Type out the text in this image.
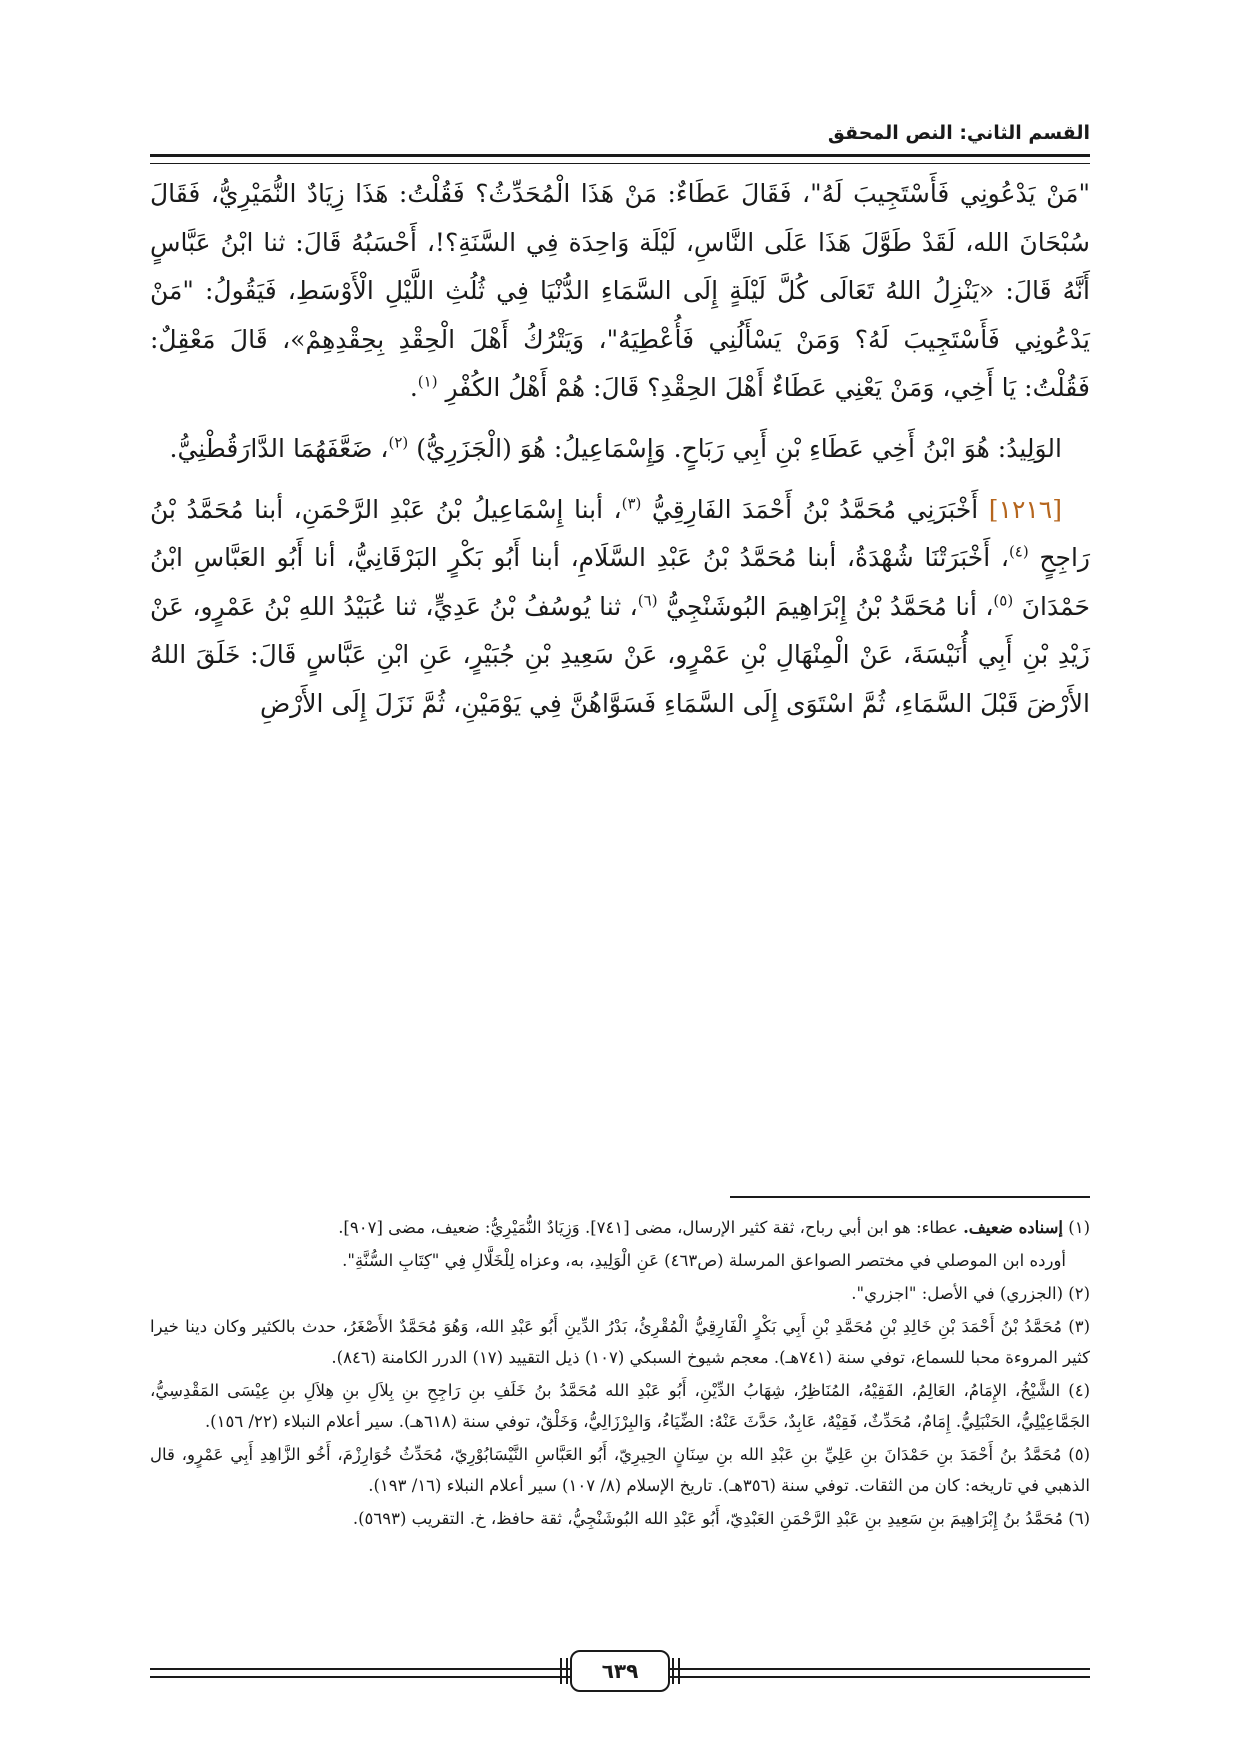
القسم الثاني: النص المحقق

"مَنْ يَدْعُونِي فَأَسْتَجِيبَ لَهُ"، فَقَالَ عَطَاءٌ: مَنْ هَذَا الْمُحَدِّثُ؟ فَقُلْتُ: هَذَا زِيَادٌ النُّمَيْرِيُّ، فَقَالَ سُبْحَانَ الله، لَقَدْ طَوَّلَ هَذَا عَلَى النَّاسِ، لَيْلَة وَاحِدَة فِي السَّنَةِ؟!، أَحْسَبُهُ قَالَ: ثنا ابْنُ عَبَّاسٍ أَنَّهُ قَالَ: «يَنْزِلُ اللهُ تَعَالَى كُلَّ لَيْلَةٍ إِلَى السَّمَاءِ الدُّنْيَا فِي ثُلُثِ اللَّيْلِ الْأَوْسَطِ، فَيَقُولُ: "مَنْ يَدْعُونِي فَأَسْتَجِيبَ لَهُ؟ وَمَنْ يَسْأَلُنِي فَأُعْطِيَهُ"، وَيَتْرُكُ أَهْلَ الْحِقْدِ بِحِقْدِهِمْ»، قَالَ مَعْقِلٌ: فَقُلْتُ: يَا أَخِي، وَمَنْ يَعْنِي عَطَاءٌ أَهْلَ الحِقْدِ؟ قَالَ: هُمْ أَهْلُ الكُفْرِ $^{(١)}$.

الوَلِيدُ: هُوَ ابْنُ أَخِي عَطَاءِ بْنِ أَبِي رَبَاحٍ. وَإِسْمَاعِيلُ: هُوَ (الْجَزَرِيُّ) $^{(٢)}$، ضَعَّفَهُمَا الدَّارَقُطْنِيُّ.

[١٢١٦] أَخْبَرَنِي مُحَمَّدُ بْنُ أَحْمَدَ الفَارِقِيُّ $^{(٣)}$، أبنا إِسْمَاعِيلُ بْنُ عَبْدِ الرَّحْمَنِ، أبنا مُحَمَّدُ بْنُ رَاجِحٍ $^{(٤)}$، أَخْبَرَتْنَا شُهْدَةُ، أبنا مُحَمَّدُ بْنُ عَبْدِ السَّلَامِ، أبنا أَبُو بَكْرٍ البَرْقَانِيُّ، أنا أَبُو العَبَّاسِ ابْنُ حَمْدَانَ $^{(٥)}$، أنا مُحَمَّدُ بْنُ إِبْرَاهِيمَ البُوشَنْجِيُّ $^{(٦)}$، ثنا يُوسُفُ بْنُ عَدِيٍّ، ثنا عُبَيْدُ اللهِ بْنُ عَمْرٍو، عَنْ زَيْدِ بْنِ أَبِي أُنَيْسَةَ، عَنْ الْمِنْهَالِ بْنِ عَمْرٍو، عَنْ سَعِيدِ بْنِ جُبَيْرٍ، عَنِ ابْنِ عَبَّاسٍ قَالَ: خَلَقَ اللهُ الأَرْضَ قَبْلَ السَّمَاءِ، ثُمَّ اسْتَوَى إِلَى السَّمَاءِ فَسَوَّاهُنَّ فِي يَوْمَيْنِ، ثُمَّ نَزَلَ إِلَى الأَرْضِ

(١) إسناده ضعيف. عطاء: هو ابن أبي رباح، ثقة كثير الإرسال، مضى [٧٤١]. وَزِيَادٌ النُّمَيْرِيُّ: ضعيف، مضى [٩٠٧].

أورده ابن الموصلي في مختصر الصواعق المرسلة (ص٤٦٣) عَنِ الْوَلِيدِ، به، وعزاه لِلْخَلَّالِ فِي "كِتَابِ السُّنَّةِ".

(٢) (الجزري) في الأصل: "اجزري".

(٣) مُحَمَّدُ بْنُ أَحْمَدَ بْنِ خَالِدِ بْنِ مُحَمَّدِ بْنِ أَبِي بَكْرٍ الْفَارِقِيُّ الْمُقْرِئُ، بَدْرُ الدِّينِ أَبُو عَبْدِ الله، وَهُوَ مُحَمَّدٌ الأَصْغَرُ، حدث بالكثير وكان دينا خيرا كثير المروءة محبا للسماع، توفي سنة (٧٤١هـ). معجم شيوخ السبكي (١٠٧) ذيل التقييد (١٧) الدرر الكامنة (٨٤٦).

(٤) الشَّيْخُ، الإِمَامُ، العَالِمُ، الفَقِيْهُ، المُنَاظِرُ، شِهَابُ الدِّيْنِ، أَبُو عَبْدِ الله مُحَمَّدُ بنُ خَلَفِ بنِ رَاجِحِ بنِ بِلاَلِ بنِ هِلاَلِ بنِ عِيْسَى المَقْدِسِيُّ، الجَمَّاعِيْلِيُّ، الحَنْبَلِيُّ. إِمَامٌ، مُحَدِّثٌ، فَقِيْهٌ، عَابِدٌ، حَدَّثَ عَنْهُ: الضِّيَاءُ، وَالبِرْزَالِيُّ، وَخَلْقٌ، توفي سنة (٦١٨هـ). سير أعلام النبلاء (٢٢/ ١٥٦).

(٥) مُحَمَّدُ بنُ أَحْمَدَ بنِ حَمْدَانَ بنِ عَلِيِّ بنِ عَبْدِ الله بنِ سِنَانٍ الحِيرِيّ، أَبُو العَبَّاسِ النَّيْسَابُوْرِيّ، مُحَدِّثُ خُوَارِزْمَ، أَخُو الزَّاهِدِ أَبِي عَمْرٍو، قال الذهبي في تاريخه: كان من الثقات. توفي سنة (٣٥٦هـ). تاريخ الإسلام (٨/ ١٠٧) سير أعلام النبلاء (١٦/ ١٩٣).

(٦) مُحَمَّدُ بنُ إِبْرَاهِيمَ بنِ سَعِيدِ بنِ عَبْدِ الرَّحْمَنِ العَبْدِيّ، أَبُو عَبْدِ الله البُوشَنْجِيُّ، ثقة حافظ، خ. التقريب (٥٦٩٣).

٦٣٩
